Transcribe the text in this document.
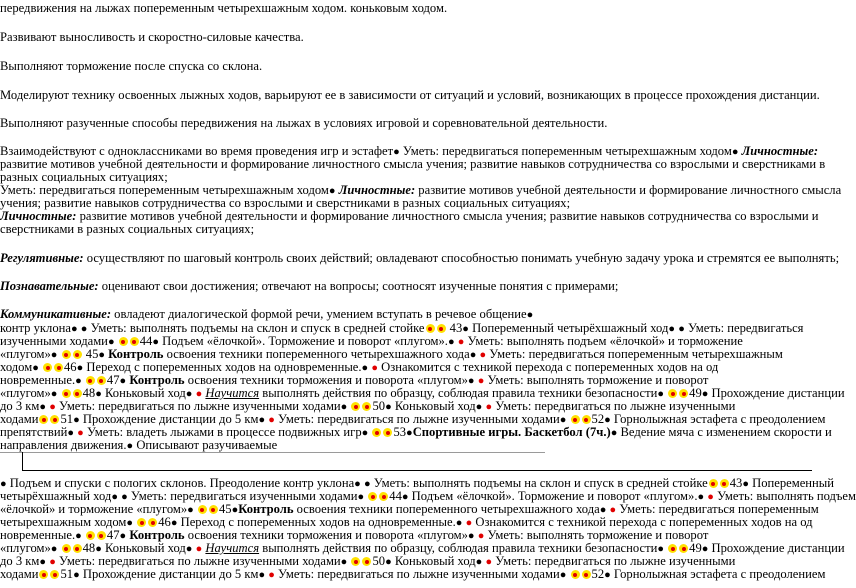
передвижения на лыжах попеременным четырехшажным ходом. коньковым ходом.
Развивают выносливость и скоростно-силовые качества.
Выполняют торможение после спуска со склона.
Моделируют технику освоенных лыжных ходов, варьируют ее в зависимости от ситуаций и условий, возникающих в процессе прохождения дистанции.
Выполняют разученные способы передвижения на лыжах в условиях игровой и соревновательной деятельности.
Взаимодействуют с одноклассниками во время проведения игр и эстафет● Уметь: передвигаться попеременным четырехшажным ходом● Личностные:
развитие мотивов учебной деятельности и формирование личностного смысла учения; развитие навыков сотрудничества со взрослыми и сверстниками в
разных социальных ситуациях;
Уметь: передвигаться попеременным четырехшажным ходом● Личностные: развитие мотивов учебной деятельности и формирование личностного смысла
учения; развитие навыков сотрудничества со взрослыми и сверстниками в разных социальных ситуациях;
Личностные: развитие мотивов учебной деятельности и формирование личностного смысла учения; развитие навыков сотрудничества со взрослыми и
сверстниками в разных социальных ситуациях;
Регулятивные: осуществляют по шаговый контроль своих действий; овладевают способностью понимать учебную задачу урока и стремятся ее выполнять;
Познавательные: оценивают свои достижения; отвечают на вопросы; соотносят изученные понятия с примерами;
Коммуникативные: овладеют диалогической формой речи, умением вступать в речевое общение●
контр уклона● ● Уметь: выполнять подъемы на склон и спуск в средней стойке 43● Попеременный четырёхшажный ход● ● Уметь: передвигаться
изученными ходами● 44● Подъем «ёлочкой». Торможение и поворот «плугом».● ● Уметь: выполнять подъем «ёлочкой» и торможение
«плугом»● 45● Контроль освоения техники попеременного четырехшажного хода● ● Уметь: передвигаться попеременным четырехшажным
ходом● 46● Переход с попеременных ходов на одновременные.● ● Ознакомится с техникой перехода с попеременных ходов на од
новременные.● 47● Контроль освоения техники торможения и поворота «плугом»● ● Уметь: выполнять торможение и поворот
«плугом»● 48● Коньковый ход● ● Научится выполнять действия по образцу, соблюдая правила техники безопасности● 49● Прохождение дистанции
до 3 км● ● Уметь: передвигаться по лыжне изученными ходами● 50● Коньковый ход● ● Уметь: передвигаться по лыжне изученными
ходами 51● Прохождение дистанции до 5 км● ● Уметь: передвигаться по лыжне изученными ходами● 52● Горнолыжная эстафета с преодолением
препятствий● ● Уметь: владеть лыжами в процессе подвижных игр● 53●Спортивные игры. Баскетбол (7ч.)● Ведение мяча с изменением скорости и
направления движения.● Описывают разучиваемые
● Подъем и спуски с пологих склонов. Преодоление контр уклона● ● Уметь: выполнять подъемы на склон и спуск в средней стойке 43● Попеременный
четырёхшажный ход● ● Уметь: передвигаться изученными ходами● 44● Подъем «ёлочкой». Торможение и поворот «плугом».● ● Уметь: выполнять подъем
«ёлочкой» и торможение «плугом»● 45●Контроль освоения техники попеременного четырехшажного хода● ● Уметь: передвигаться попеременным
четырехшажным ходом● 46● Переход с попеременных ходов на одновременные.● ● Ознакомится с техникой перехода с попеременных ходов на од
новременные.● 47● Контроль освоения техники торможения и поворота «плугом»● ● Уметь: выполнять торможение и поворот
«плугом»● 48● Коньковый ход● ● Научится выполнять действия по образцу, соблюдая правила техники безопасности● 49● Прохождение дистанции
до 3 км● ● Уметь: передвигаться по лыжне изученными ходами● 50● Коньковый ход● ● Уметь: передвигаться по лыжне изученными
ходами 51● Прохождение дистанции до 5 км● ● Уметь: передвигаться по лыжне изученными ходами● 52● Горнолыжная эстафета с преодолением
